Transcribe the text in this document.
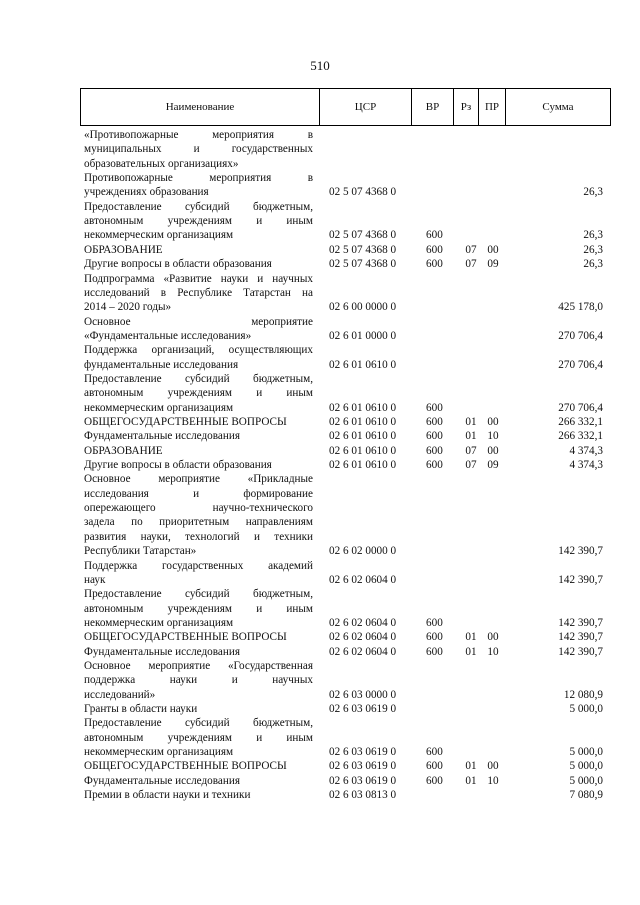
510
Наименование	ЦСР	ВР	Рз	ПР	Сумма
«Противопожарные мероприятия в
муниципальных и государственных
образовательных организациях»
Противопожарные мероприятия в
учреждениях образования	02 5 07 4368 0	26,3
Предоставление субсидий бюджетным,
автономным учреждениям и иным
некоммерческим организациям	02 5 07 4368 0	600	26,3
ОБРАЗОВАНИЕ	02 5 07 4368 0	600	07 00	26,3
Другие вопросы в области образования	02 5 07 4368 0	600	07 09	26,3
Подпрограмма «Развитие науки и научных
исследований в Республике Татарстан на
2014 – 2020 годы»	02 6 00 0000 0	425 178,0
Основное мероприятие
«Фундаментальные исследования»	02 6 01 0000 0	270 706,4
Поддержка организаций, осуществляющих
фундаментальные исследования	02 6 01 0610 0	270 706,4
Предоставление субсидий бюджетным,
автономным учреждениям и иным
некоммерческим организациям	02 6 01 0610 0	600	270 706,4
ОБЩЕГОСУДАРСТВЕННЫЕ ВОПРОСЫ	02 6 01 0610 0	600	01 00	266 332,1
Фундаментальные исследования	02 6 01 0610 0	600	01 10	266 332,1
ОБРАЗОВАНИЕ	02 6 01 0610 0	600	07 00	4 374,3
Другие вопросы в области образования	02 6 01 0610 0	600	07 09	4 374,3
Основное мероприятие «Прикладные
исследования и формирование
опережающего научно-технического
задела по приоритетным направлениям
развития науки, технологий и техники
Республики Татарстан»	02 6 02 0000 0	142 390,7
Поддержка государственных академий
наук	02 6 02 0604 0	142 390,7
Предоставление субсидий бюджетным,
автономным учреждениям и иным
некоммерческим организациям	02 6 02 0604 0	600	142 390,7
ОБЩЕГОСУДАРСТВЕННЫЕ ВОПРОСЫ	02 6 02 0604 0	600	01 00	142 390,7
Фундаментальные исследования	02 6 02 0604 0	600	01 10	142 390,7
Основное мероприятие «Государственная
поддержка науки и научных
исследований»	02 6 03 0000 0	12 080,9
Гранты в области науки	02 6 03 0619 0	5 000,0
Предоставление субсидий бюджетным,
автономным учреждениям и иным
некоммерческим организациям	02 6 03 0619 0	600	5 000,0
ОБЩЕГОСУДАРСТВЕННЫЕ ВОПРОСЫ	02 6 03 0619 0	600	01 00	5 000,0
Фундаментальные исследования	02 6 03 0619 0	600	01 10	5 000,0
Премии в области науки и техники	02 6 03 0813 0	7 080,9
